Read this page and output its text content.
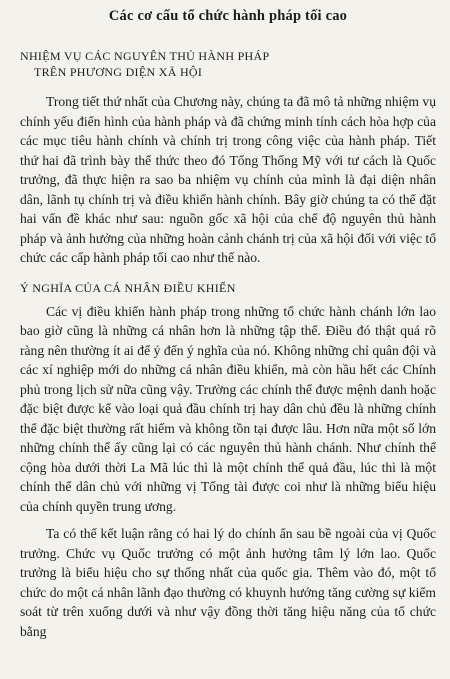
Các cơ cấu tổ chức hành pháp tối cao
NHIỆM VỤ CÁC NGUYÊN THỦ HÀNH PHÁP
TRÊN PHƯƠNG DIỆN XÃ HỘI

Trong tiết thứ nhất của Chương này, chúng ta đã mô tả những nhiệm vụ chính yếu điển hình của hành pháp và đã chứng minh tính cách hòa hợp của các mục tiêu hành chính và chính trị trong công việc của hành pháp. Tiết thứ hai đã trình bày thể thức theo đó Tổng Thống Mỹ với tư cách là Quốc trưởng, đã thực hiện ra sao ba nhiệm vụ chính của mình là đại diện nhân dân, lãnh tụ chính trị và điều khiển hành chính. Bây giờ chúng ta có thể đặt hai vấn đề khác như sau: nguồn gốc xã hội của chế độ nguyên thủ hành pháp và ảnh hưởng của những hoàn cảnh chánh trị của xã hội đối với việc tổ chức các cấp hành pháp tối cao như thế nào.

Ý NGHĨA CỦA CÁ NHÂN ĐIỀU KHIỂN

Các vị điều khiển hành pháp trong những tổ chức hành chánh lớn lao bao giờ cũng là những cá nhân hơn là những tập thể. Điều đó thật quá rõ ràng nên thường ít ai để ý đến ý nghĩa của nó. Không những chỉ quân đội và các xí nghiệp mới do những cá nhân điều khiển, mà còn hầu hết các Chính phủ trong lịch sử nữa cũng vậy. Trường các chính thể được mệnh danh hoặc đặc biệt được kể vào loại quả đầu chính trị hay dân chủ đều là những chính thể đặc biệt thường rất hiếm và không tồn tại được lâu. Hơn nữa một số lớn những chính thể ấy cũng lại có các nguyên thủ hành chánh. Như chính thể cộng hòa dưới thời La Mã lúc thì là một chính thể quả đầu, lúc thì là một chính thể dân chủ với những vị Tổng tài được coi như là những biểu hiệu của chính quyền trung ương.

Ta có thể kết luận rằng có hai lý do chính ẩn sau bề ngoài của vị Quốc trưởng. Chức vụ Quốc trưởng có một ảnh hưởng tâm lý lớn lao. Quốc trưởng là biểu hiệu cho sự thống nhất của quốc gia. Thêm vào đó, một tổ chức do một cá nhân lãnh đạo thường có khuynh hướng tăng cường sự kiểm soát từ trên xuống dưới và như vậy đồng thời tăng hiệu năng của tổ chức bằng
